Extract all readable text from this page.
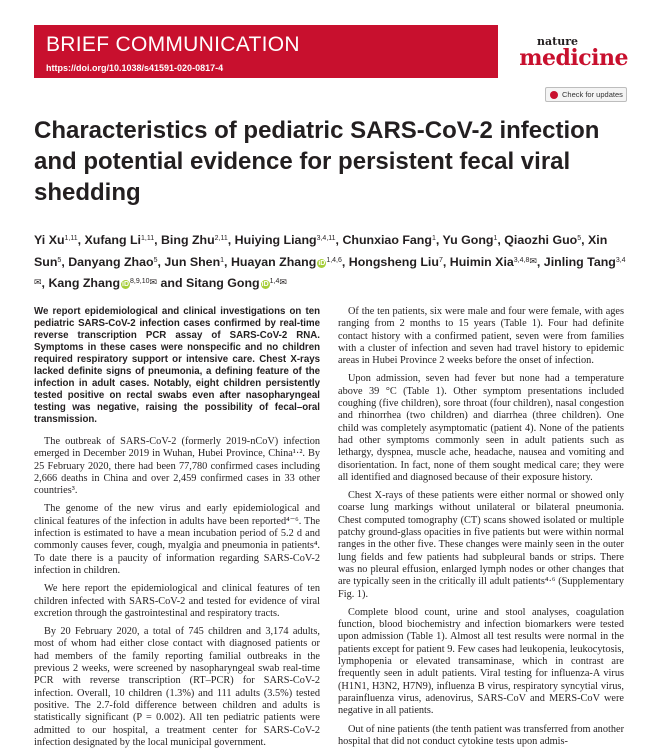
BRIEF COMMUNICATION
https://doi.org/10.1038/s41591-020-0817-4
nature
medicine
Check for updates
Characteristics of pediatric SARS-CoV-2 infection and potential evidence for persistent fecal viral shedding
Yi Xu$^{1,11}$, Xufang Li$^{1,11}$, Bing Zhu$^{2,11}$, Huiying Liang$^{3,4,11}$, Chunxiao Fang$^1$, Yu Gong$^1$, Qiaozhi Guo$^5$, Xin Sun$^5$, Danyang Zhao$^5$, Jun Shen$^1$, Huayan Zhang iD$^{1,4,6}$, Hongsheng Liu$^7$, Huimin Xia$^{3,4,8}$✉, Jinling Tang$^{3,4}$✉, Kang Zhang iD$^{8,9,10}$✉ and Sitang Gong iD$^{1,4}$✉

We report epidemiological and clinical investigations on ten pediatric SARS-CoV-2 infection cases confirmed by real-time reverse transcription PCR assay of SARS-CoV-2 RNA. Symptoms in these cases were nonspecific and no children required respiratory support or intensive care. Chest X-rays lacked definite signs of pneumonia, a defining feature of the infection in adult cases. Notably, eight children persistently tested positive on rectal swabs even after nasopharyngeal testing was negative, raising the possibility of fecal–oral transmission.

The outbreak of SARS-CoV-2 (formerly 2019-nCoV) infection emerged in December 2019 in Wuhan, Hubei Province, China¹·². By 25 February 2020, there had been 77,780 confirmed cases including 2,666 deaths in China and over 2,459 confirmed cases in 33 other countries³.

The genome of the new virus and early epidemiological and clinical features of the infection in adults have been reported⁴⁻⁶. The infection is estimated to have a mean incubation period of 5.2 d and commonly causes fever, cough, myalgia and pneumonia in patients⁴. To date there is a paucity of information regarding SARS-CoV-2 infection in children.

We here report the epidemiological and clinical features of ten children infected with SARS-CoV-2 and tested for evidence of viral excretion through the gastrointestinal and respiratory tracts.

By 20 February 2020, a total of 745 children and 3,174 adults, most of whom had either close contact with diagnosed patients or had members of the family reporting familial outbreaks in the previous 2 weeks, were screened by nasopharyngeal swab real-time PCR with reverse transcription (RT–PCR) for SARS-CoV-2 infection. Overall, 10 children (1.3%) and 111 adults (3.5%) tested positive. The 2.7-fold difference between children and adults is statistically significant (P = 0.002). All ten pediatric patients were admitted to our hospital, a treatment center for SARS-CoV-2 infection designated by the local municipal government.

Of the ten patients, six were male and four were female, with ages ranging from 2 months to 15 years (Table 1). Four had definite contact history with a confirmed patient, seven were from families with a cluster of infection and seven had travel history to epidemic areas in Hubei Province 2 weeks before the onset of infection.

Upon admission, seven had fever but none had a temperature above 39 °C (Table 1). Other symptom presentations included coughing (five children), sore throat (four children), nasal congestion and rhinorrhea (two children) and diarrhea (three children). One child was completely asymptomatic (patient 4). None of the patients had other symptoms commonly seen in adult patients such as lethargy, dyspnea, muscle ache, headache, nausea and vomiting and disorientation. In fact, none of them sought medical care; they were all identified and diagnosed because of their exposure history.

Chest X-rays of these patients were either normal or showed only coarse lung markings without unilateral or bilateral pneumonia. Chest computed tomography (CT) scans showed isolated or multiple patchy ground-glass opacities in five patients but were within normal ranges in the other five. These changes were mainly seen in the outer lung fields and few patients had subpleural bands or strips. There was no pleural effusion, enlarged lymph nodes or other changes that are typically seen in the critically ill adult patients⁴·⁶ (Supplementary Fig. 1).

Complete blood count, urine and stool analyses, coagulation function, blood biochemistry and infection biomarkers were tested upon admission (Table 1). Almost all test results were normal in the patients except for patient 9. Few cases had leukopenia, leukocytosis, lymphopenia or elevated transaminase, which in contrast are frequently seen in adult patients. Viral testing for influenza-A virus (H1N1, H3N2, H7N9), influenza B virus, respiratory syncytial virus, parainfluenza virus, adenovirus, SARS-CoV and MERS-CoV were negative in all patients.

Out of nine patients (the tenth patient was transferred from another hospital that did not conduct cytokine tests upon admis-
